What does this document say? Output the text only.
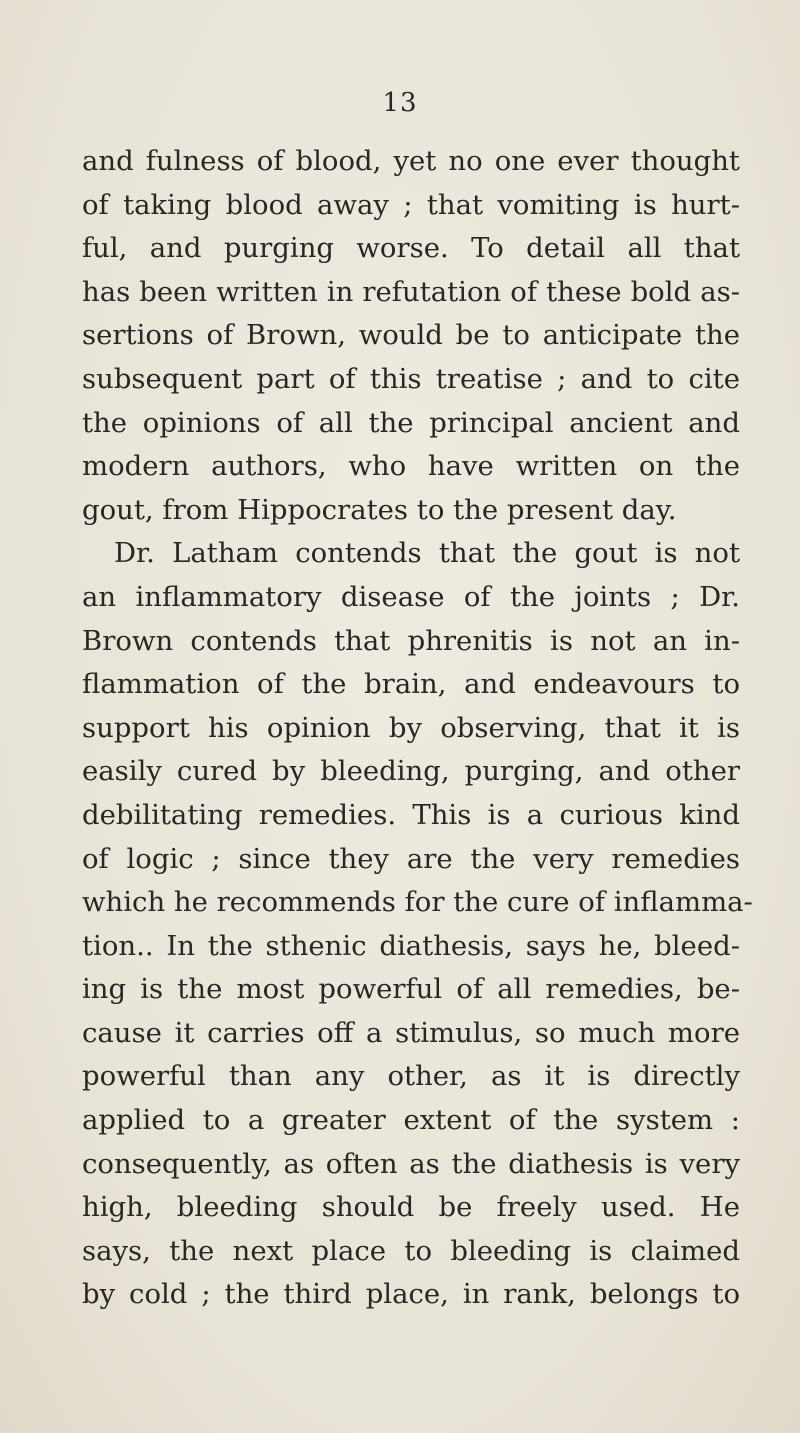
13
and fulness of blood, yet no one ever thought
of taking blood away ; that vomiting is hurt-
ful, and purging worse. To detail all that
has been written in refutation of these bold as-
sertions of Brown, would be to anticipate the
subsequent part of this treatise ; and to cite
the opinions of all the principal ancient and
modern authors, who have written on the
gout, from Hippocrates to the present day.
Dr. Latham contends that the gout is not
an inflammatory disease of the joints ; Dr.
Brown contends that phrenitis is not an in-
flammation of the brain, and endeavours to
support his opinion by observing, that it is
easily cured by bleeding, purging, and other
debilitating remedies. This is a curious kind
of logic ; since they are the very remedies
which he recommends for the cure of inflamma-
tion.. In the sthenic diathesis, says he, bleed-
ing is the most powerful of all remedies, be-
cause it carries off a stimulus, so much more
powerful than any other, as it is directly
applied to a greater extent of the system :
consequently, as often as the diathesis is very
high, bleeding should be freely used. He
says, the next place to bleeding is claimed
by cold ; the third place, in rank, belongs to
